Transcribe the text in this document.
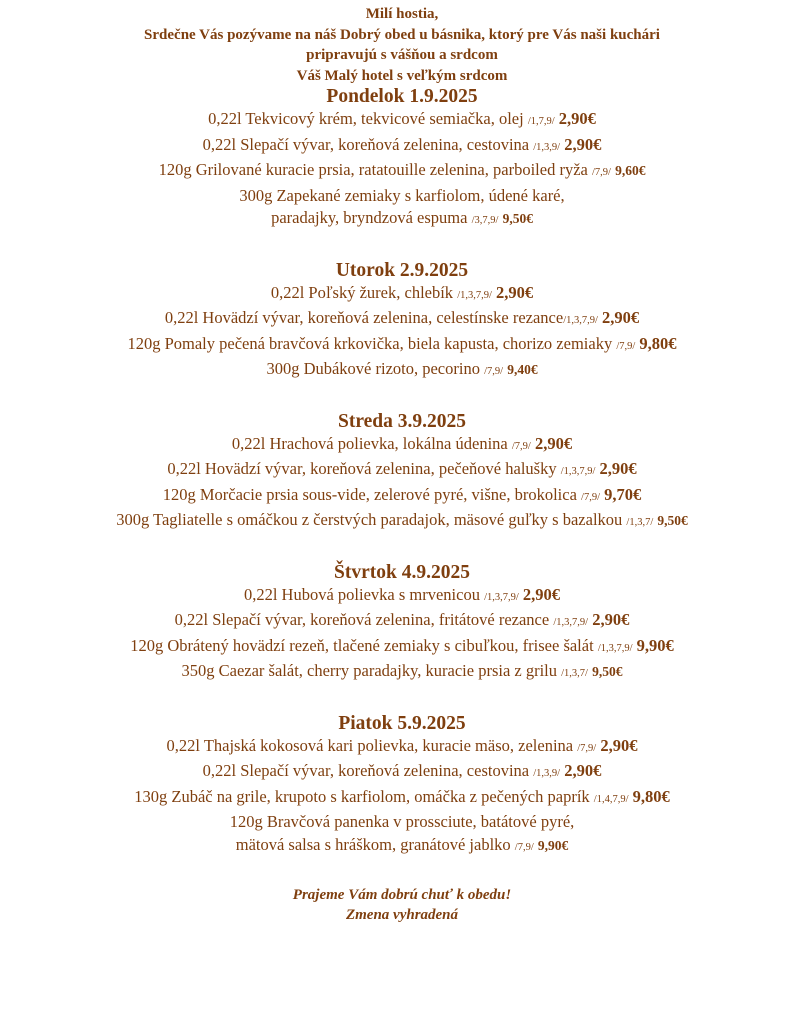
Milí hostia,
Srdečne Vás pozývame na náš Dobrý obed u básnika, ktorý pre Vás naši kuchári
pripravujú s vášňou a srdcom
Váš Malý hotel s veľkým srdcom
Pondelok 1.9.2025
0,22l Tekvicový krém, tekvicové semiačka, olej /1,7,9/ 2,90€
0,22l Slepačí vývar, koreňová zelenina, cestovina /1,3,9/ 2,90€
120g Grilované kuracie prsia, ratatouille zelenina, parboiled ryža /7,9/ 9,60€
300g Zapekané zemiaky s karfiolom, údené karé,
paradajky, bryndzová espuma /3,7,9/ 9,50€
Utorok 2.9.2025
0,22l Poľský žurek, chlebík /1,3,7,9/ 2,90€
0,22l Hovädzí vývar, koreňová zelenina, celestínske rezance/1,3,7,9/ 2,90€
120g Pomaly pečená bravčová krkovička, biela kapusta, chorizo zemiaky /7,9/ 9,80€
300g Dubákové rizoto, pecorino /7,9/ 9,40€
Streda 3.9.2025
0,22l Hrachová polievka, lokálna údenina /7,9/ 2,90€
0,22l Hovädzí vývar, koreňová zelenina, pečeňové halušky /1,3,7,9/ 2,90€
120g Morčacie prsia sous-vide, zelerové pyré, višne, brokolica /7,9/ 9,70€
300g Tagliatelle s omáčkou z čerstvých paradajok, mäsové guľky s bazalkou /1,3,7/ 9,50€
Štvrtok 4.9.2025
0,22l Hubová polievka s mrvenicou /1,3,7,9/ 2,90€
0,22l Slepačí vývar, koreňová zelenina, fritátové rezance /1,3,7,9/ 2,90€
120g Obrátený hovädzí rezeň, tlačené zemiaky s cibuľkou, frisee šalát /1,3,7,9/ 9,90€
350g Caezar šalát, cherry paradajky, kuracie prsia z grilu /1,3,7/ 9,50€
Piatok 5.9.2025
0,22l Thajská kokosová kari polievka, kuracie mäso, zelenina /7,9/ 2,90€
0,22l Slepačí vývar, koreňová zelenina, cestovina /1,3,9/ 2,90€
130g Zubáč na grile, krupoto s karfiolom, omáčka z pečených paprík /1,4,7,9/ 9,80€
120g Bravčová panenka v prossciute, batátové pyré,
mätová salsa s hráškom, granátové jablko /7,9/ 9,90€
Prajeme Vám dobrú chuť k obedu!
Zmena vyhradená
